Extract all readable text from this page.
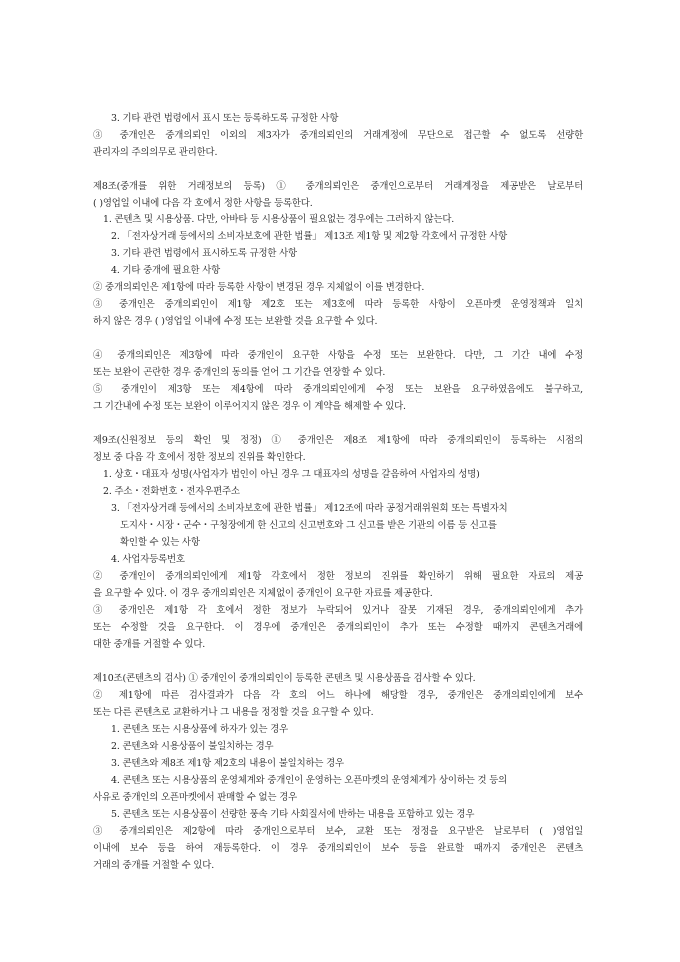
3. 기타 관련 법령에서 표시 또는 등록하도록 규정한 사항
③ 중개인은 중개의뢰인 이외의 제3자가 중개의뢰인의 거래계정에 무단으로 접근할 수 없도록 선량한
관리자의 주의의무로 관리한다.
제8조(중개를 위한 거래정보의 등록) ① 중개의뢰인은 중개인으로부터 거래계정을 제공받은 날로부터
( )영업일 이내에 다음 각 호에서 정한 사항을 등록한다.
1. 콘텐츠 및 시용상품. 다만, 아바타 등 시용상품이 필요없는 경우에는 그러하지 않는다.
2. 「전자상거래 등에서의 소비자보호에 관한 법률」 제13조 제1항 및 제2항 각호에서 규정한 사항
3. 기타 관련 법령에서 표시하도록 규정한 사항
4. 기타 중개에 필요한 사항
② 중개의뢰인은 제1항에 따라 등록한 사항이 변경된 경우 지체없이 이를 변경한다.
③ 중개인은 중개의뢰인이 제1항 제2호 또는 제3호에 따라 등록한 사항이 오픈마켓 운영정책과 일치
하지 않은 경우 ( )영업일 이내에 수정 또는 보완할 것을 요구할 수 있다.
④ 중개의뢰인은 제3항에 따라 중개인이 요구한 사항을 수정 또는 보완한다. 다만, 그 기간 내에 수정
또는 보완이 곤란한 경우 중개인의 동의를 얻어 그 기간을 연장할 수 있다.
⑤ 중개인이 제3항 또는 제4항에 따라 중개의뢰인에게 수정 또는 보완을 요구하였음에도 불구하고,
그 기간내에 수정 또는 보완이 이루어지지 않은 경우 이 계약을 해제할 수 있다.
제9조(신원정보 등의 확인 및 정정) ① 중개인은 제8조 제1항에 따라 중개의뢰인이 등록하는 시점의
정보 중 다음 각 호에서 정한 정보의 진위를 확인한다.
1. 상호・대표자 성명(사업자가 법인이 아닌 경우 그 대표자의 성명을 갈음하여 사업자의 성명)
2. 주소・전화번호・전자우편주소
3. 「전자상거래 등에서의 소비자보호에 관한 법률」 제12조에 따라 공정거래위원회 또는 특별자치
도지사・시장・군수・구청장에게 한 신고의 신고번호와 그 신고를 받은 기관의 이름 등 신고를
확인할 수 있는 사항
4. 사업자등록번호
② 중개인이 중개의뢰인에게 제1항 각호에서 정한 정보의 진위를 확인하기 위해 필요한 자료의 제공
을 요구할 수 있다. 이 경우 중개의뢰인은 지체없이 중개인이 요구한 자료를 제공한다.
③ 중개인은 제1항 각 호에서 정한 정보가 누락되어 있거나 잘못 기재된 경우, 중개의뢰인에게 추가
또는 수정할 것을 요구한다. 이 경우에 중개인은 중개의뢰인이 추가 또는 수정할 때까지 콘텐츠거래에
대한 중개를 거절할 수 있다.
제10조(콘텐츠의 검사) ① 중개인이 중개의뢰인이 등록한 콘텐츠 및 시용상품을 검사할 수 있다.
② 제1항에 따른 검사결과가 다음 각 호의 어느 하나에 해당할 경우, 중개인은 중개의뢰인에게 보수
또는 다른 콘텐츠로 교환하거나 그 내용을 정정할 것을 요구할 수 있다.
1. 콘텐츠 또는 시용상품에 하자가 있는 경우
2. 콘텐츠와 시용상품이 불일치하는 경우
3. 콘텐츠와 제8조 제1항 제2호의 내용이 불일치하는 경우
4. 콘텐츠 또는 시용상품의 운영체계와 중개인이 운영하는 오픈마켓의 운영체계가 상이하는 것 등의
사유로 중개인의 오픈마켓에서 판매할 수 없는 경우
5. 콘텐츠 또는 시용상품이 선량한 풍속 기타 사회질서에 반하는 내용을 포함하고 있는 경우
③ 중개의뢰인은 제2항에 따라 중개인으로부터 보수, 교환 또는 정정을 요구받은 날로부터 ( )영업일
이내에 보수 등을 하여 재등록한다. 이 경우 중개의뢰인이 보수 등을 완료할 때까지 중개인은 콘텐츠
거래의 중개를 거절할 수 있다.
